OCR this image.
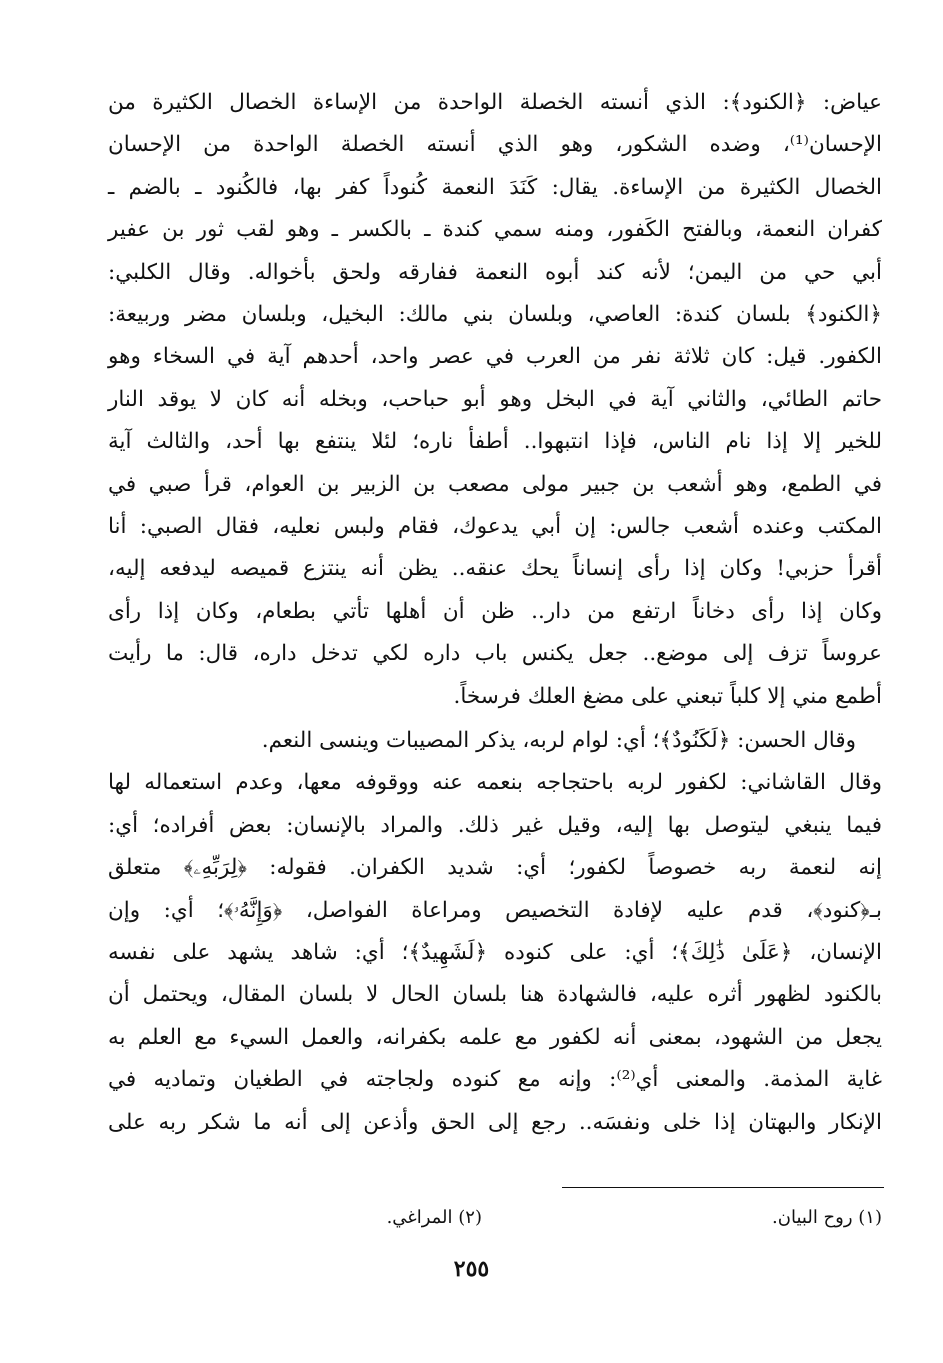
عياض: ﴿الكنود﴾: الذي أنسته الخصلة الواحدة من الإساءة الخصال الكثيرة من
الإحسان⁽¹⁾، وضده الشكور، وهو الذي أنسته الخصلة الواحدة من الإحسان
الخصال الكثيرة من الإساءة. يقال: كَنَدَ النعمة كُنوداً كفر بها، فالكُنود ـ بالضم ـ
كفران النعمة، وبالفتح الكَفور، ومنه سمي كندة ـ بالكسر ـ وهو لقب ثور بن عفير
أبي حي من اليمن؛ لأنه كند أبوه النعمة ففارقه ولحق بأخواله. وقال الكلبي:
﴿الكنود﴾ بلسان كندة: العاصي، وبلسان بني مالك: البخيل، وبلسان مضر وربيعة:
الكفور. قيل: كان ثلاثة نفر من العرب في عصر واحد، أحدهم آية في السخاء وهو
حاتم الطائي، والثاني آية في البخل وهو أبو حباحب، وبخله أنه كان لا يوقد النار
للخير إلا إذا نام الناس، فإذا انتبهوا.. أطفأ ناره؛ لئلا ينتفع بها أحد، والثالث آية
في الطمع، وهو أشعب بن جبير مولى مصعب بن الزبير بن العوام، قرأ صبي في
المكتب وعنده أشعب جالس: إن أبي يدعوك، فقام ولبس نعليه، فقال الصبي: أنا
أقرأ حزبي! وكان إذا رأى إنساناً يحك عنقه.. يظن أنه ينتزع قميصه ليدفعه إليه،
وكان إذا رأى دخاناً ارتفع من دار.. ظن أن أهلها تأتي بطعام، وكان إذا رأى
عروساً تزف إلى موضع.. جعل يكنس باب داره لكي تدخل داره، قال: ما رأيت
أطمع مني إلا كلباً تبعني على مضغ العلك فرسخاً.
وقال الحسن: ﴿لَكَنُودٌ﴾؛ أي: لوام لربه، يذكر المصيبات وينسى النعم.
وقال القاشاني: لكفور لربه باحتجاجه بنعمه عنه ووقوفه معها، وعدم استعماله لها
فيما ينبغي ليتوصل بها إليه، وقيل غير ذلك. والمراد بالإنسان: بعض أفراده؛ أي:
إنه لنعمة ربه خصوصاً لكفور؛ أي: شديد الكفران. فقوله: ﴿لِرَبِّهِۦ﴾ متعلق
بـ﴿كنود﴾، قدم عليه لإفادة التخصيص ومراعاة الفواصل، ﴿وَإِنَّهُۥ﴾؛ أي: وإن
الإنسان، ﴿عَلَىٰ ذَٰلِكَ﴾؛ أي: على كنوده ﴿لَشَهِيدٌ﴾؛ أي: شاهد يشهد على نفسه
بالكنود لظهور أثره عليه، فالشهادة هنا بلسان الحال لا بلسان المقال، ويحتمل أن
يجعل من الشهود، بمعنى أنه لكفور مع علمه بكفرانه، والعمل السيء مع العلم به
غاية المذمة. والمعنى أي⁽²⁾: وإنه مع كنوده ولجاجته في الطغيان وتماديه في
الإنكار والبهتان إذا خلى ونفسَه.. رجع إلى الحق وأذعن إلى أنه ما شكر ربه على
(١) روح البيان.
(٢) المراغي.
٢٥٥
